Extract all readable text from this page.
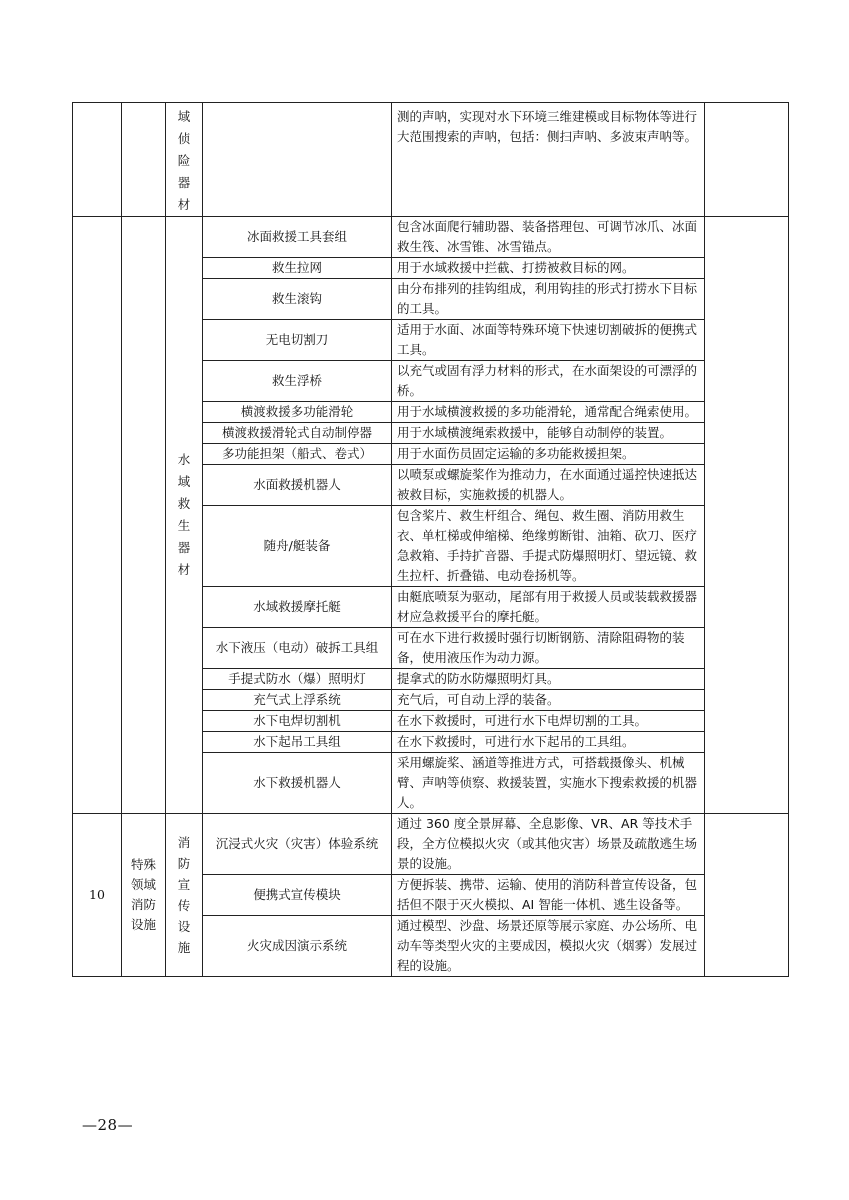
		域侦险器材		测的声呐，实现对水下环境三维建模或目标物体等进行大范围搜索的声呐，包括：侧扫声呐、多波束声呐等。	

		水域救生器材	冰面救援工具套组	包含冰面爬行辅助器、装备搭理包、可调节冰爪、冰面救生筏、冰雪锥、冰雪锚点。	

			救生拉网	用于水域救援中拦截、打捞被救目标的网。	

			救生滚钩	由分布排列的挂钩组成，利用钩挂的形式打捞水下目标的工具。	

			无电切割刀	适用于水面、冰面等特殊环境下快速切割破拆的便携式工具。	

			救生浮桥	以充气或固有浮力材料的形式，在水面架设的可漂浮的桥。	

			横渡救援多功能滑轮	用于水域横渡救援的多功能滑轮，通常配合绳索使用。	

			横渡救援滑轮式自动制停器	用于水域横渡绳索救援中，能够自动制停的装置。	

			多功能担架（船式、卷式）	用于水面伤员固定运输的多功能救援担架。	

			水面救援机器人	以喷泵或螺旋桨作为推动力，在水面通过遥控快速抵达被救目标，实施救援的机器人。	

			随舟/艇装备	包含桨片、救生杆组合、绳包、救生圈、消防用救生衣、单杠梯或伸缩梯、绝缘剪断钳、油箱、砍刀、医疗急救箱、手持扩音器、手提式防爆照明灯、望远镜、救生拉杆、折叠锚、电动卷扬机等。	

			水域救援摩托艇	由艇底喷泵为驱动，尾部有用于救援人员或装载救援器材应急救援平台的摩托艇。	

			水下液压（电动）破拆工具组	可在水下进行救援时强行切断钢筋、清除阻碍物的装备，使用液压作为动力源。	

			手提式防水（爆）照明灯	提拿式的防水防爆照明灯具。	

			充气式上浮系统	充气后，可自动上浮的装备。	

			水下电焊切割机	在水下救援时，可进行水下电焊切割的工具。	

			水下起吊工具组	在水下救援时，可进行水下起吊的工具组。	

			水下救援机器人	采用螺旋桨、涵道等推进方式，可搭载摄像头、机械臂、声呐等侦察、救援装置，实施水下搜索救援的机器人。	

10	特殊领域消防设施	消防宣传设施	沉浸式火灾（灾害）体验系统	通过 360 度全景屏幕、全息影像、VR、AR 等技术手段，全方位模拟火灾（或其他灾害）场景及疏散逃生场景的设施。	

			便携式宣传模块	方便拆装、携带、运输、使用的消防科普宣传设备，包括但不限于灭火模拟、AI 智能一体机、逃生设备等。	

			火灾成因演示系统	通过模型、沙盘、场景还原等展示家庭、办公场所、电动车等类型火灾的主要成因，模拟火灾（烟雾）发展过程的设施。	
—28—
